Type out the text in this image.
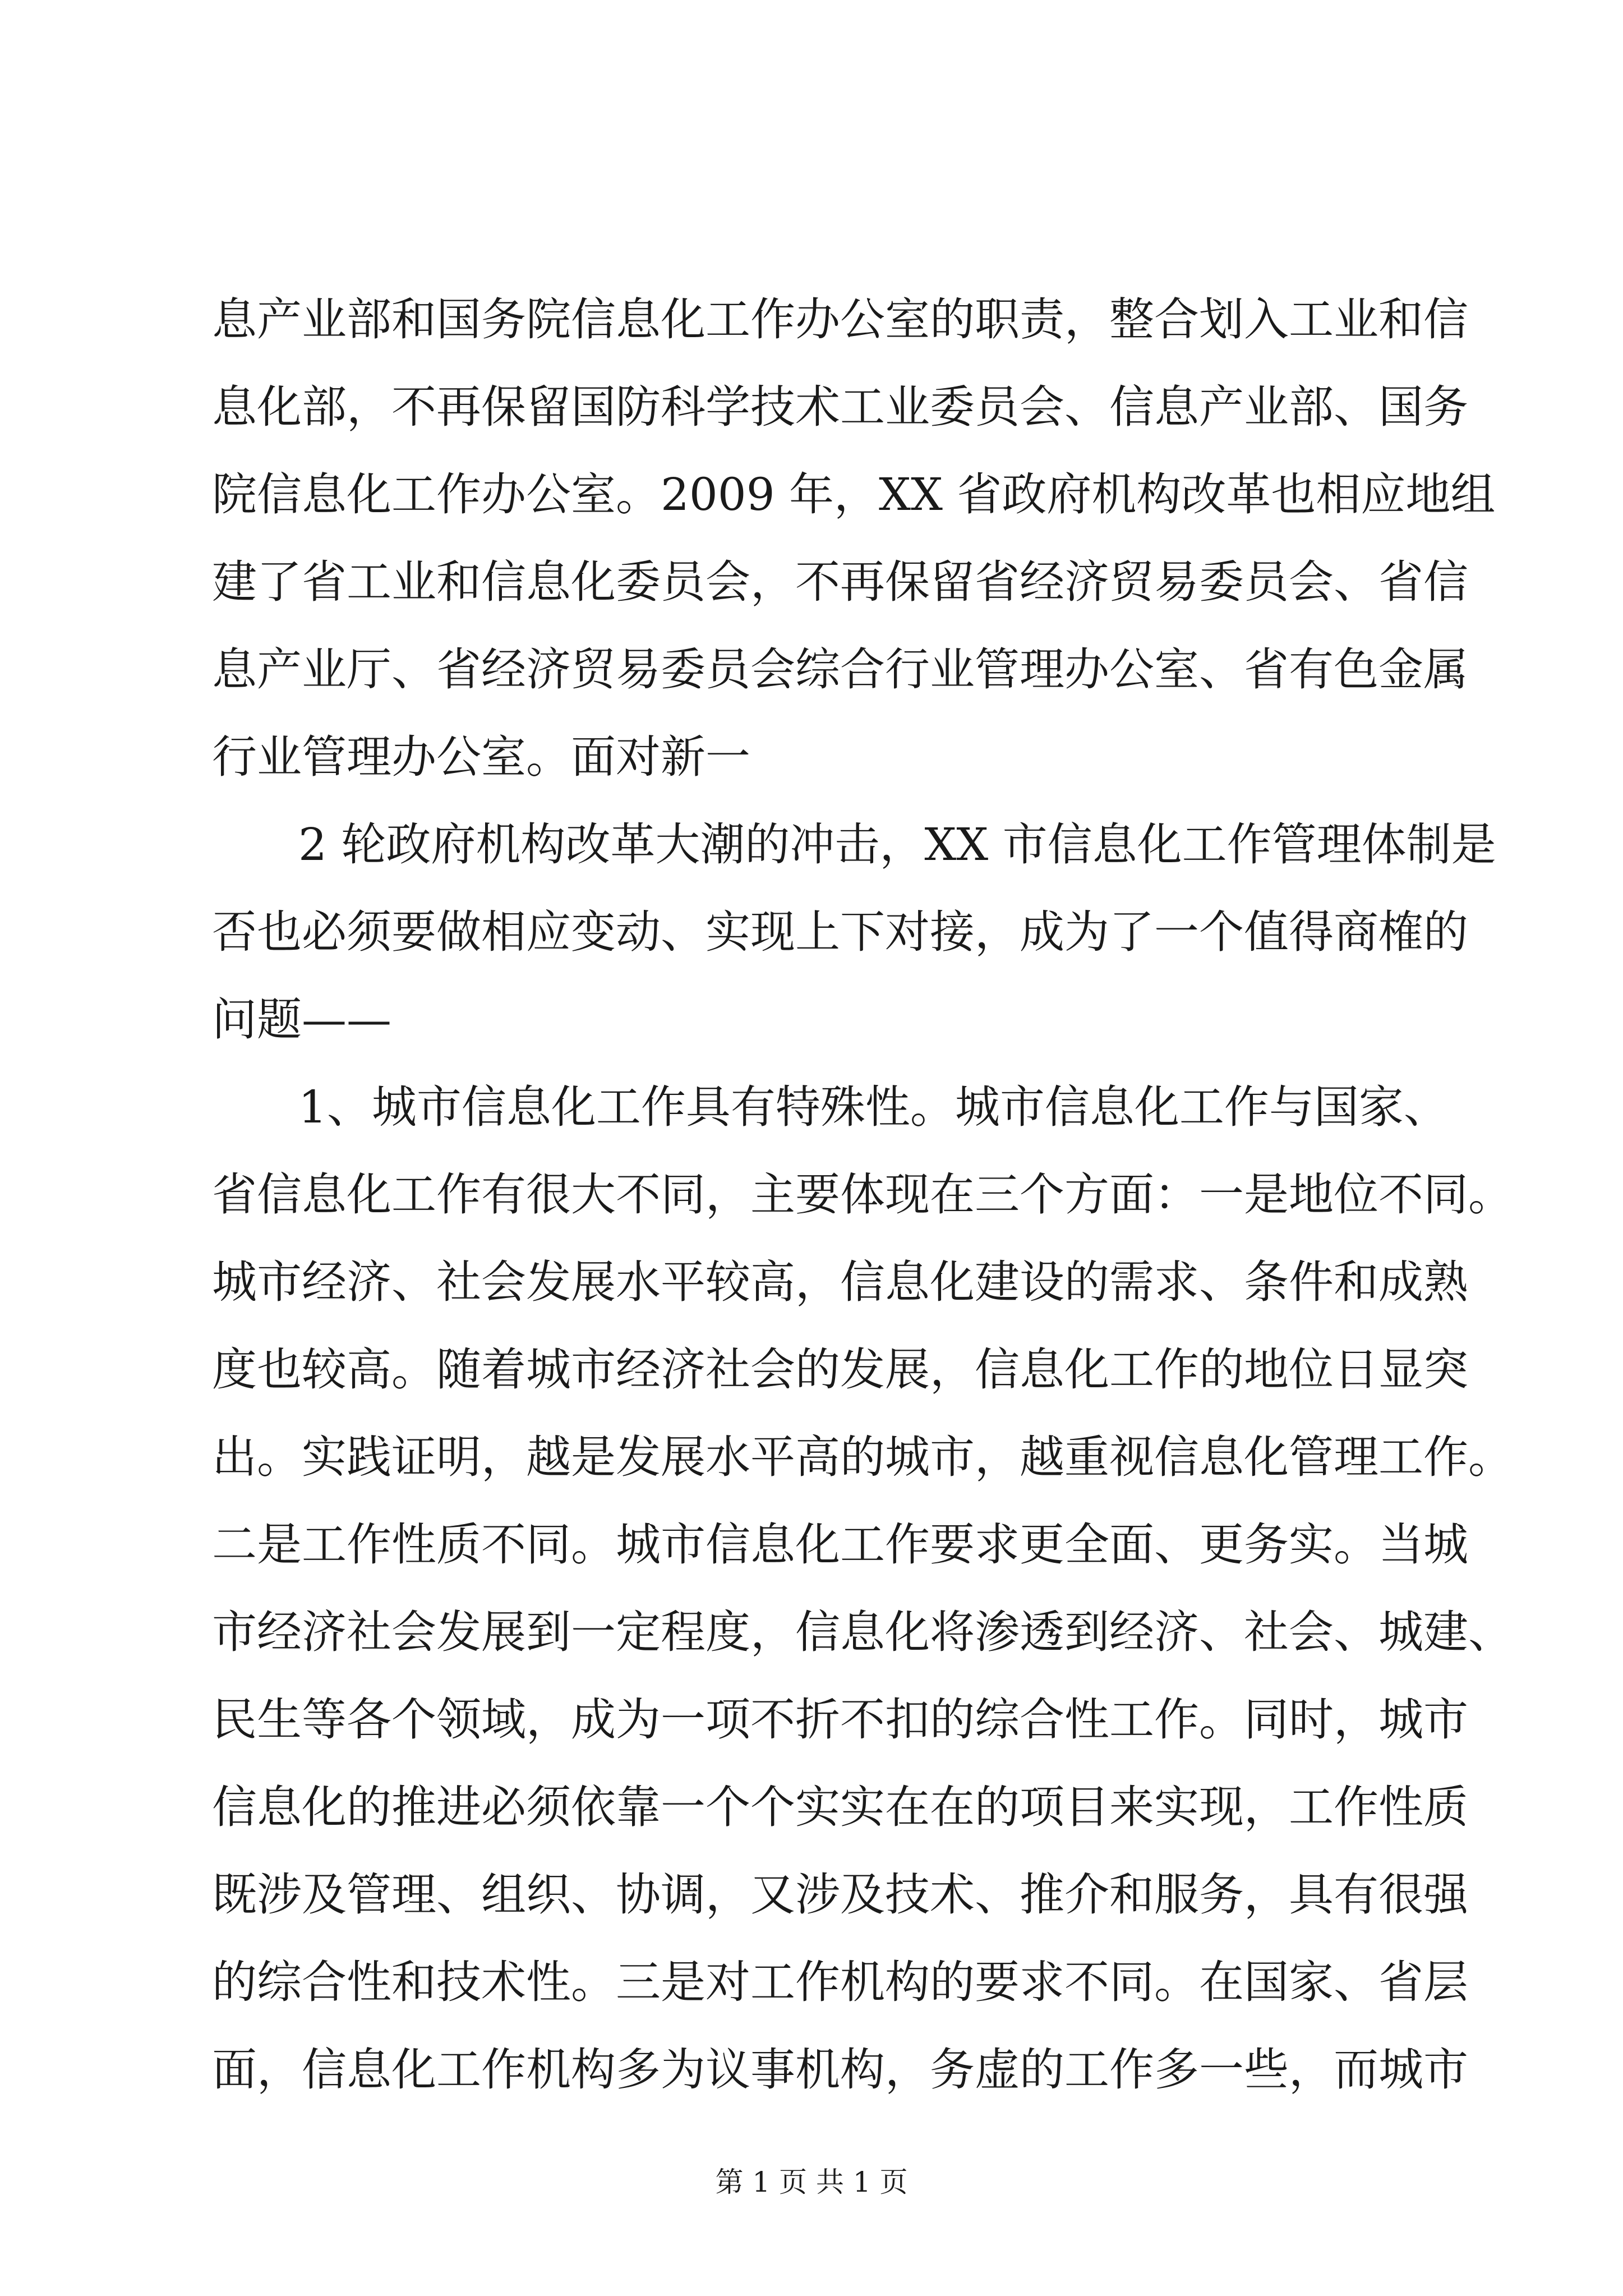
息产业部和国务院信息化工作办公室的职责，整合划入工业和信
息化部，不再保留国防科学技术工业委员会、信息产业部、国务
院信息化工作办公室。2009 年，XX 省政府机构改革也相应地组
建了省工业和信息化委员会，不再保留省经济贸易委员会、省信
息产业厅、省经济贸易委员会综合行业管理办公室、省有色金属
行业管理办公室。面对新一
2 轮政府机构改革大潮的冲击，XX 市信息化工作管理体制是
否也必须要做相应变动、实现上下对接，成为了一个值得商榷的
问题——
1、城市信息化工作具有特殊性。城市信息化工作与国家、
省信息化工作有很大不同，主要体现在三个方面：一是地位不同。
城市经济、社会发展水平较高，信息化建设的需求、条件和成熟
度也较高。随着城市经济社会的发展，信息化工作的地位日显突
出。实践证明，越是发展水平高的城市，越重视信息化管理工作。
二是工作性质不同。城市信息化工作要求更全面、更务实。当城
市经济社会发展到一定程度，信息化将渗透到经济、社会、城建、
民生等各个领域，成为一项不折不扣的综合性工作。同时，城市
信息化的推进必须依靠一个个实实在在的项目来实现，工作性质
既涉及管理、组织、协调，又涉及技术、推介和服务，具有很强
的综合性和技术性。三是对工作机构的要求不同。在国家、省层
面，信息化工作机构多为议事机构，务虚的工作多一些，而城市
第 1 页 共 1 页
